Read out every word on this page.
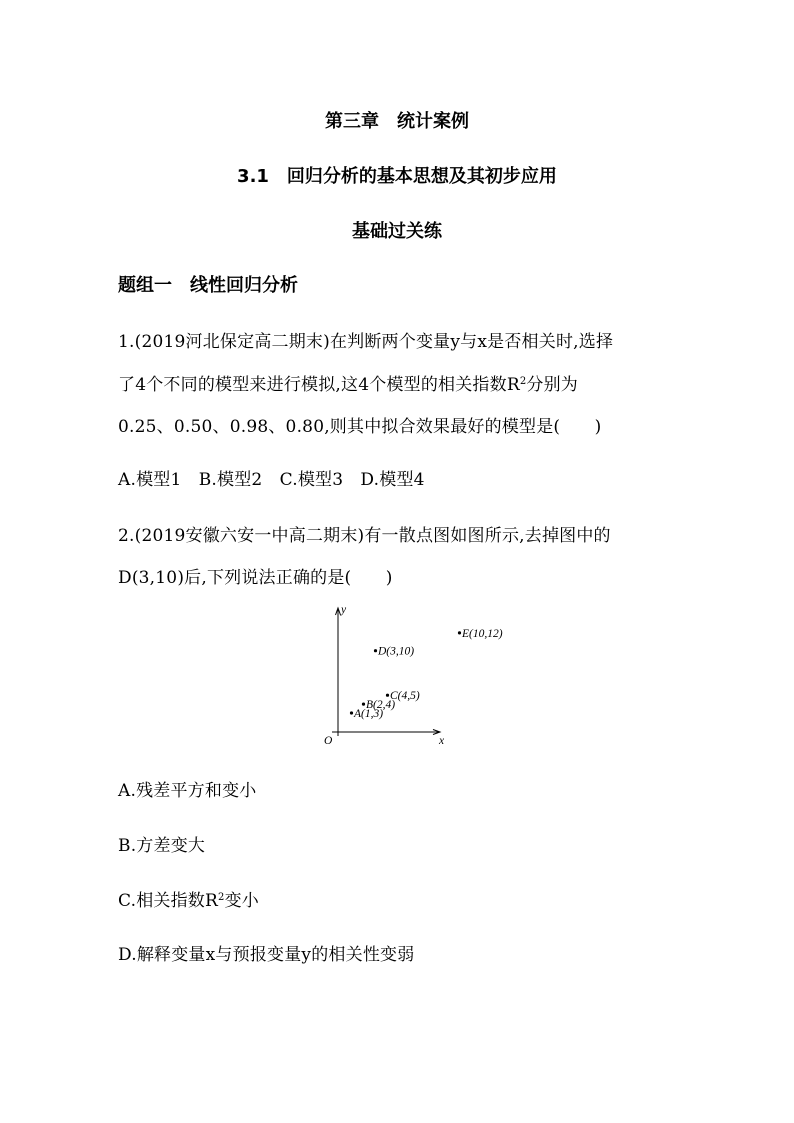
第三章　统计案例
3.1　回归分析的基本思想及其初步应用
基础过关练
题组一　线性回归分析
1.(2019河北保定高二期末)在判断两个变量y与x是否相关时,选择
了4个不同的模型来进行模拟,这4个模型的相关指数$R^2$分别为
0.25、0.50、0.98、0.80,则其中拟合效果最好的模型是(　　)
A.模型1　B.模型2　C.模型3　D.模型4
2.(2019安徽六安一中高二期末)有一散点图如图所示,去掉图中的
D(3,10)后,下列说法正确的是(　　)
y
x
O
A(1,3)
B(2,4)
C(4,5)
D(3,10)
E(10,12)
A.残差平方和变小
B.方差变大
C.相关指数$R^2$变小
D.解释变量x与预报变量y的相关性变弱
